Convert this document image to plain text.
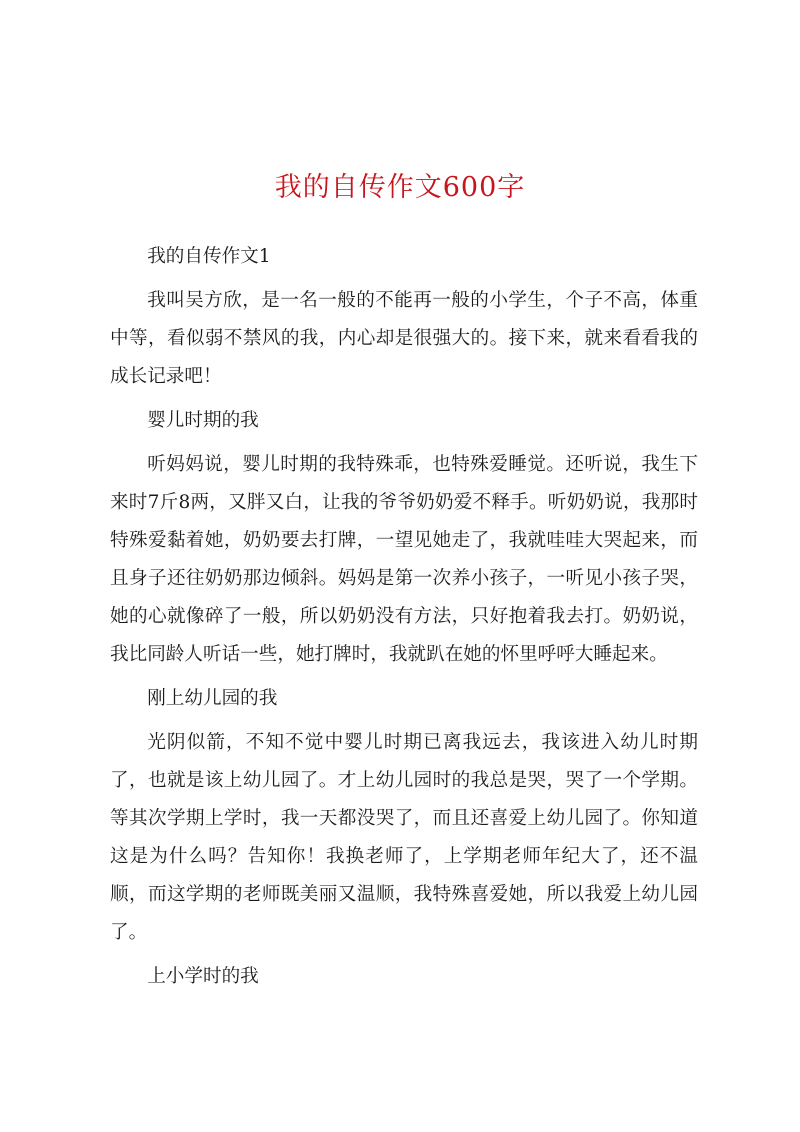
我的自传作文600字

我的自传作文1

我叫吴方欣，是一名一般的不能再一般的小学生，个子不高，体重中等，看似弱不禁风的我，内心却是很强大的。接下来，就来看看我的成长记录吧！

婴儿时期的我

听妈妈说，婴儿时期的我特殊乖，也特殊爱睡觉。还听说，我生下来时7斤8两，又胖又白，让我的爷爷奶奶爱不释手。听奶奶说，我那时特殊爱黏着她，奶奶要去打牌，一望见她走了，我就哇哇大哭起来，而且身子还往奶奶那边倾斜。妈妈是第一次养小孩子，一听见小孩子哭，她的心就像碎了一般，所以奶奶没有方法，只好抱着我去打。奶奶说，我比同龄人听话一些，她打牌时，我就趴在她的怀里呼呼大睡起来。

刚上幼儿园的我

光阴似箭，不知不觉中婴儿时期已离我远去，我该进入幼儿时期了，也就是该上幼儿园了。才上幼儿园时的我总是哭，哭了一个学期。等其次学期上学时，我一天都没哭了，而且还喜爱上幼儿园了。你知道这是为什么吗？告知你！我换老师了，上学期老师年纪大了，还不温顺，而这学期的老师既美丽又温顺，我特殊喜爱她，所以我爱上幼儿园了。

上小学时的我
